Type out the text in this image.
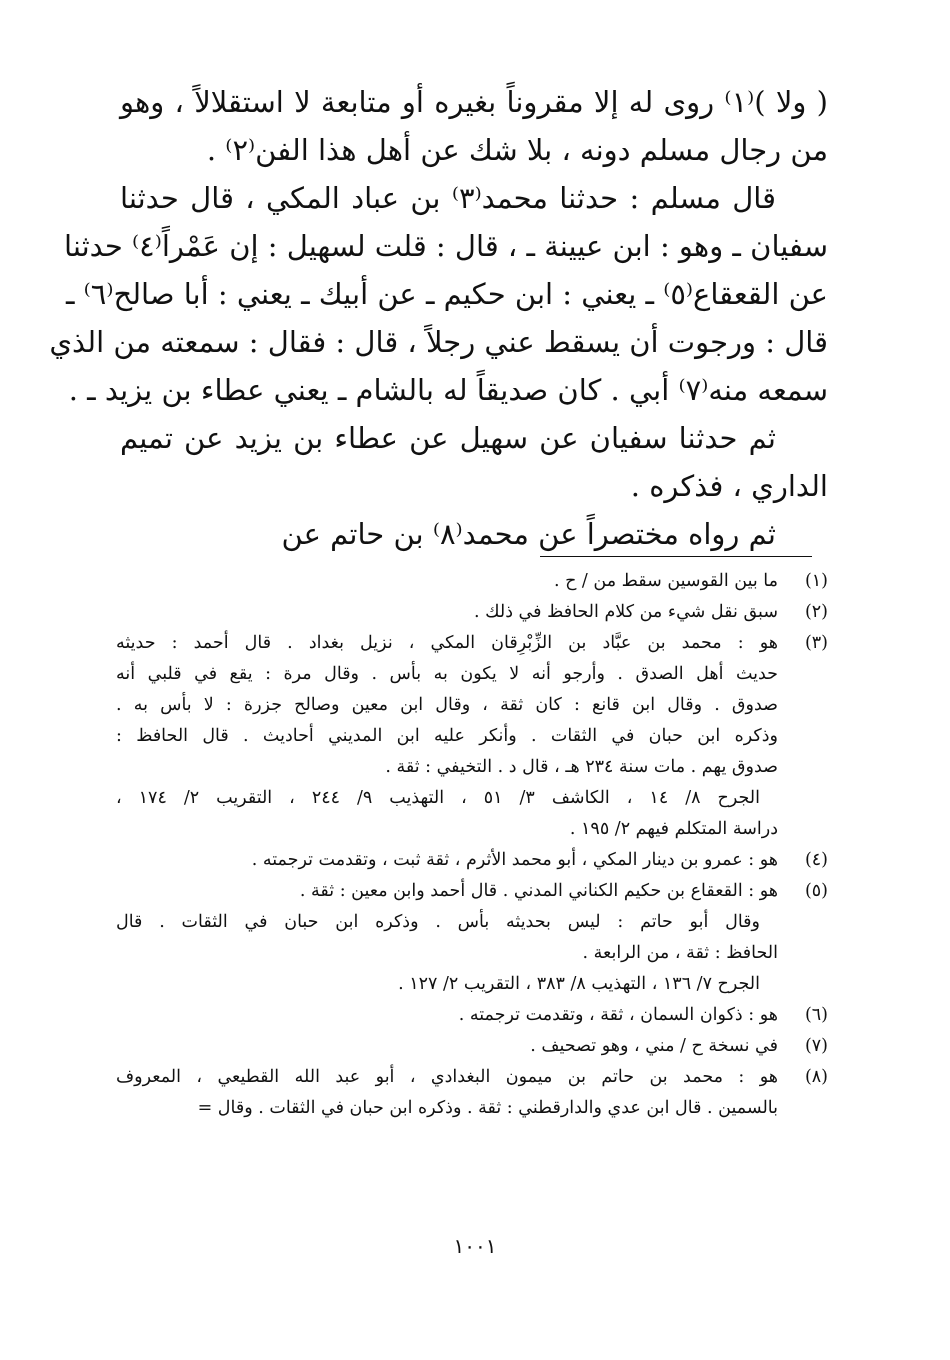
( ولا )⁽١⁾ روى له إلا مقروناً بغيره أو متابعة لا استقلالاً ، وهو
من رجال مسلم دونه ، بلا شك عن أهل هذا الفن⁽٢⁾ .
قال مسلم : حدثنا محمد⁽٣⁾ بن عباد المكي ، قال حدثنا
سفيان ـ وهو : ابن عيينة ـ ، قال : قلت لسهيل : إن عَمْراً⁽٤⁾ حدثنا
عن القعقاع⁽٥⁾ ـ يعني : ابن حكيم ـ عن أبيك ـ يعني : أبا صالح⁽٦⁾ ـ
قال : ورجوت أن يسقط عني رجلاً ، قال : فقال : سمعته من الذي
سمعه منه⁽٧⁾ أبي . كان صديقاً له بالشام ـ يعني عطاء بن يزيد ـ .
ثم حدثنا سفيان عن سهيل عن عطاء بن يزيد عن تميم
الداري ، فذكره .
ثم رواه مختصراً عن محمد⁽٨⁾ بن حاتم عن
(١)
ما بين القوسين سقط من / ح .
(٢)
سبق نقل شيء من كلام الحافظ في ذلك .
(٣)
هو : محمد بن عبَّاد بن الزِّبْرِقان المكي ، نزيل بغداد . قال أحمد : حديثه
حديث أهل الصدق . وأرجو أنه لا يكون به بأس . وقال مرة : يقع في قلبي أنه
صدوق . وقال ابن قانع : كان ثقة ، وقال ابن معين وصالح جزرة : لا بأس به .
وذكره ابن حبان في الثقات . وأنكر عليه ابن المديني أحاديث . قال الحافظ :
صدوق يهم . مات سنة ٢٣٤ هـ ، قال د . التخيفي : ثقة .
الجرح ٨/ ١٤ ، الكاشف ٣/ ٥١ ، التهذيب ٩/ ٢٤٤ ، التقريب ٢/ ١٧٤ ،
دراسة المتكلم فيهم ٢/ ١٩٥ .
(٤)
هو : عمرو بن دينار المكي ، أبو محمد الأثرم ، ثقة ثبت ، وتقدمت ترجمته .
(٥)
هو : القعقاع بن حكيم الكناني المدني . قال أحمد وابن معين : ثقة .
وقال أبو حاتم : ليس بحديثه بأس . وذكره ابن حبان في الثقات . قال
الحافظ : ثقة ، من الرابعة .
الجرح ٧/ ١٣٦ ، التهذيب ٨/ ٣٨٣ ، التقريب ٢/ ١٢٧ .
(٦)
هو : ذكوان السمان ، ثقة ، وتقدمت ترجمته .
(٧)
في نسخة ح / مني ، وهو تصحيف .
(٨)
هو : محمد بن حاتم بن ميمون البغدادي ، أبو عبد الله القطيعي ، المعروف
بالسمين . قال ابن عدي والدارقطني : ثقة . وذكره ابن حبان في الثقات . وقال =
١٠٠١
